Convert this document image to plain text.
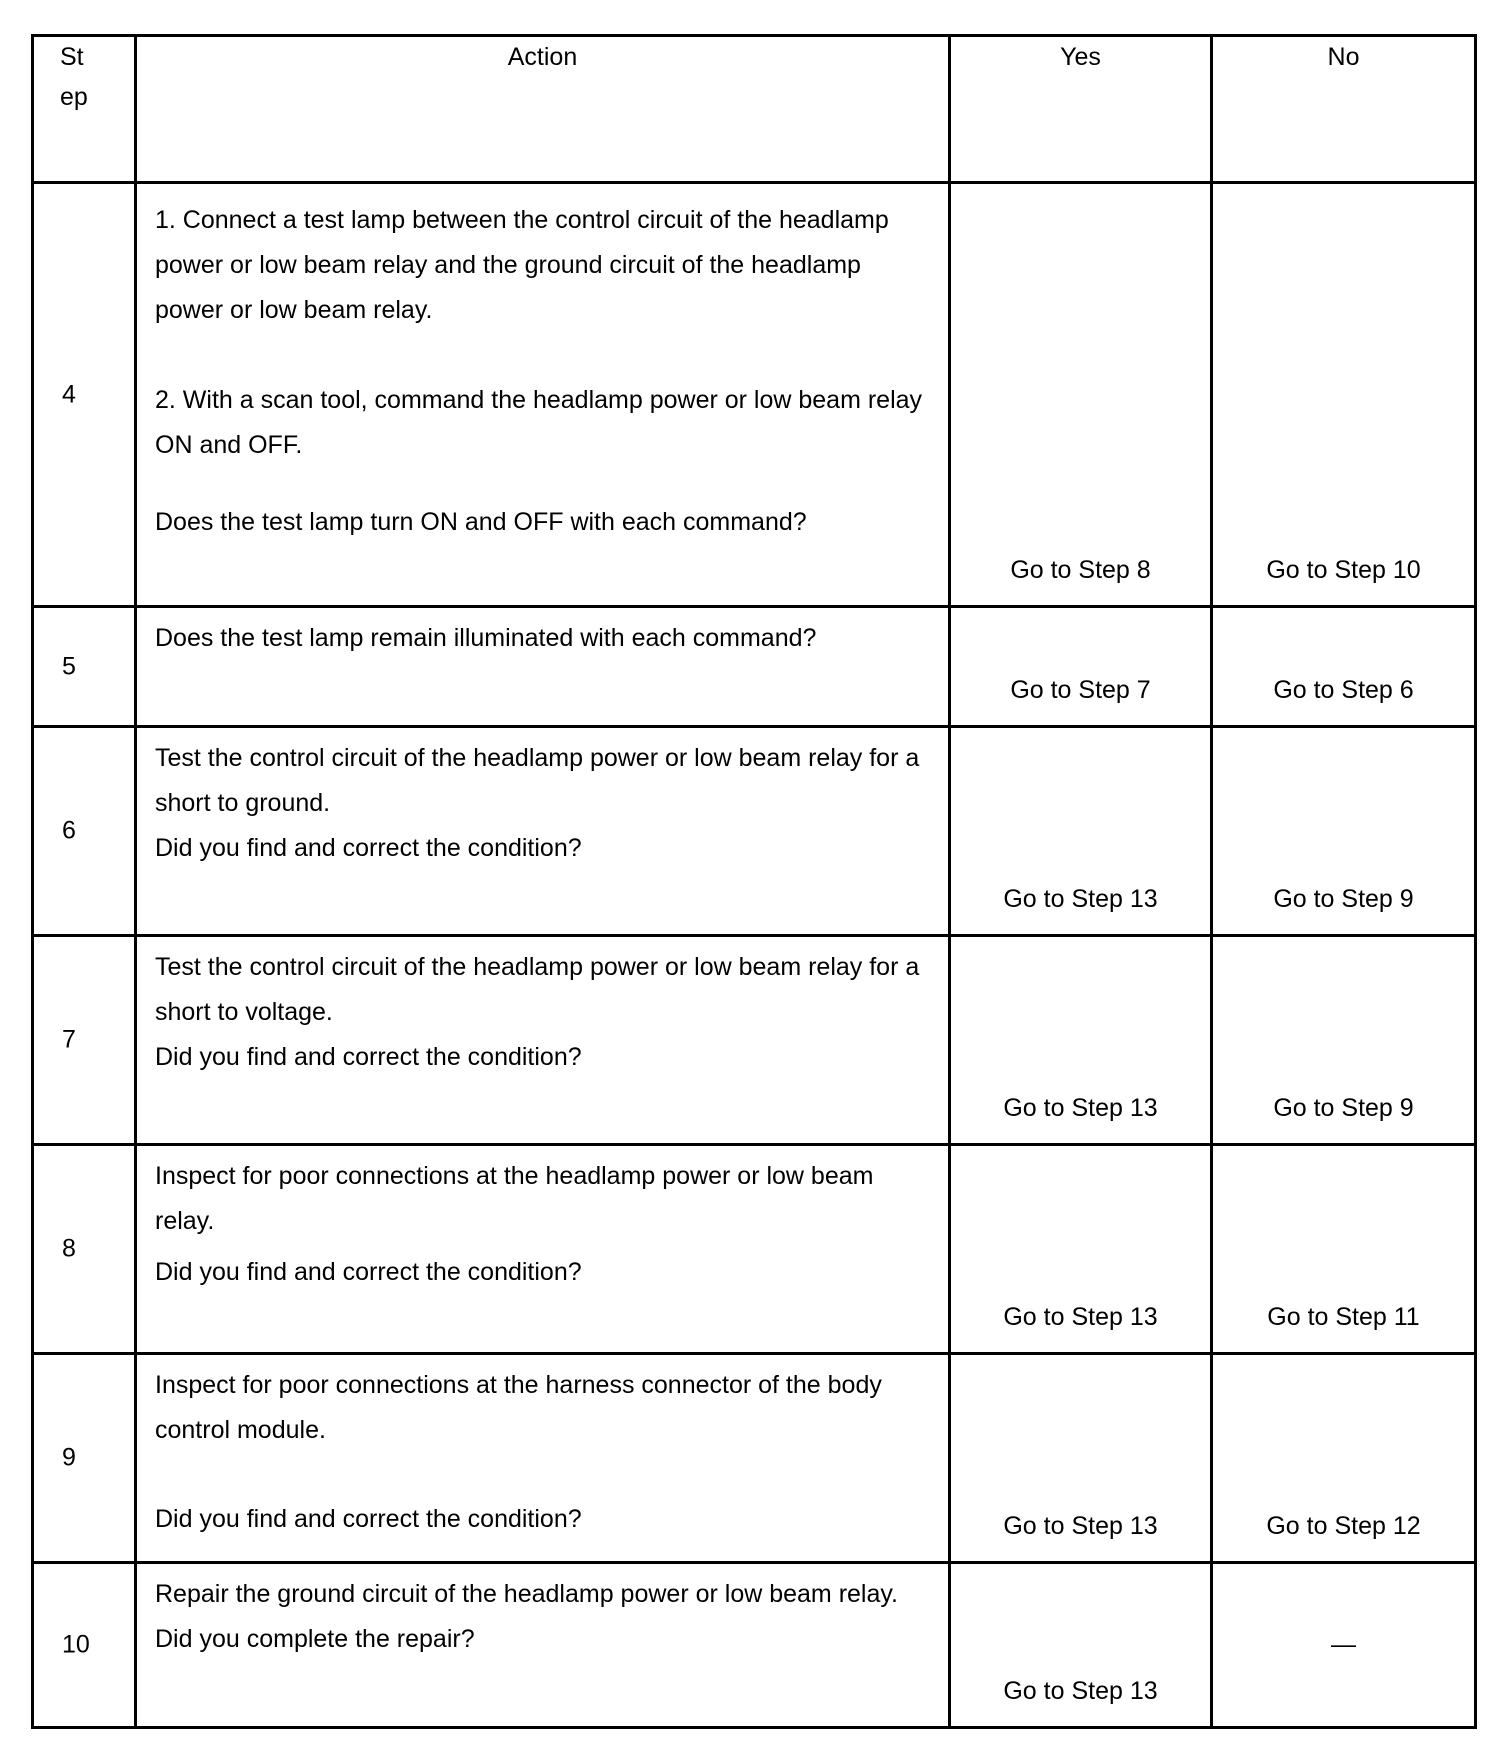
St
ep	Action	Yes	No

4	1. Connect a test lamp between the control circuit of the headlamp power or low beam relay and the ground circuit of the headlamp power or low beam relay.

2. With a scan tool, command the headlamp power or low beam relay ON and OFF.

Does the test lamp turn ON and OFF with each command?	Go to Step 8	Go to Step 10

5	Does the test lamp remain illuminated with each command?	Go to Step 7	Go to Step 6

6	Test the control circuit of the headlamp power or low beam relay for a short to ground.

Did you find and correct the condition?	Go to Step 13	Go to Step 9

7	Test the control circuit of the headlamp power or low beam relay for a short to voltage.

Did you find and correct the condition?	Go to Step 13	Go to Step 9

8	Inspect for poor connections at the headlamp power or low beam relay.

Did you find and correct the condition?	Go to Step 13	Go to Step 11

9	Inspect for poor connections at the harness connector of the body control module.

Did you find and correct the condition?	Go to Step 13	Go to Step 12

10	Repair the ground circuit of the headlamp power or low beam relay. Did you complete the repair?	Go to Step 13	—
